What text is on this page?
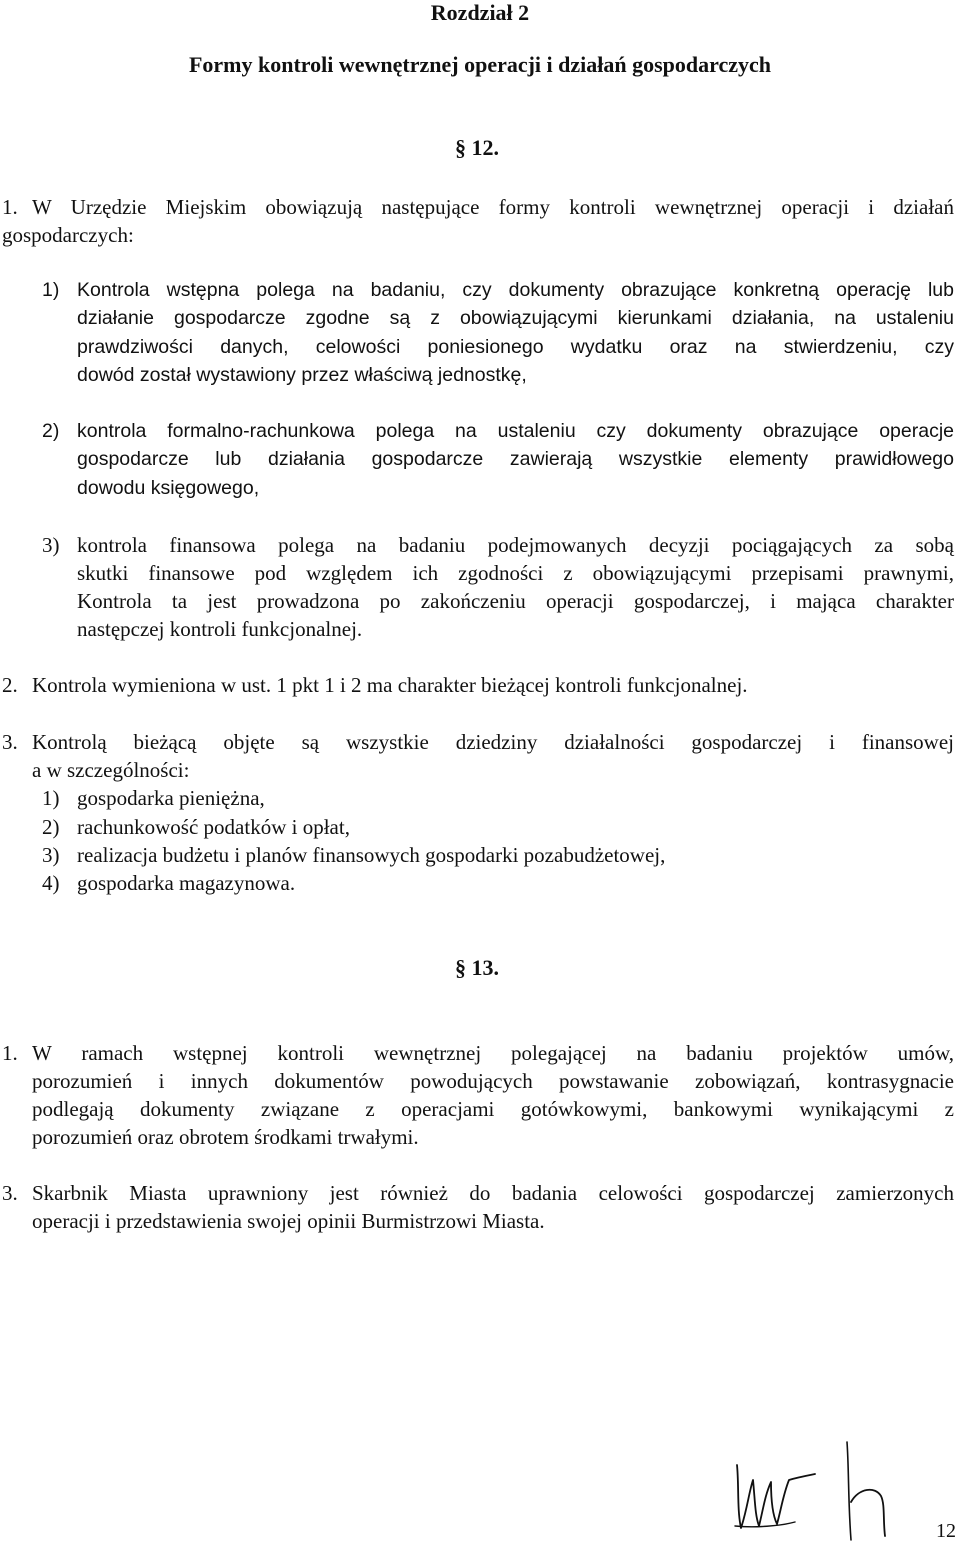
Rozdział 2
Formy kontroli wewnętrznej operacji i działań gospodarczych
§ 12.
1. W Urzędzie Miejskim obowiązują następujące formy kontroli wewnętrznej operacji i działań
gospodarczych:
1) Kontrola wstępna polega na badaniu, czy dokumenty obrazujące konkretną operację lub
działanie gospodarcze zgodne są z obowiązującymi kierunkami działania, na ustaleniu
prawdziwości danych, celowości poniesionego wydatku oraz na stwierdzeniu, czy
dowód został wystawiony przez właściwą jednostkę,
2) kontrola formalno-rachunkowa polega na ustaleniu czy dokumenty obrazujące operacje
gospodarcze lub działania gospodarcze zawierają wszystkie elementy prawidłowego
dowodu księgowego,
3) kontrola finansowa polega na badaniu podejmowanych decyzji pociągających za sobą
skutki finansowe pod względem ich zgodności z obowiązującymi przepisami prawnymi,
Kontrola ta jest prowadzona po zakończeniu operacji gospodarczej, i mająca charakter
następczej kontroli funkcjonalnej.
2. Kontrola wymieniona w ust. 1 pkt 1 i 2 ma charakter bieżącej kontroli funkcjonalnej.
3. Kontrolą bieżącą objęte są wszystkie dziedziny działalności gospodarczej i finansowej
a w szczególności:
1) gospodarka pieniężna,
2) rachunkowość podatków i opłat,
3) realizacja budżetu i planów finansowych gospodarki pozabudżetowej,
4) gospodarka magazynowa.
§ 13.
1. W ramach wstępnej kontroli wewnętrznej polegającej na badaniu projektów umów,
porozumień i innych dokumentów powodujących powstawanie zobowiązań, kontrasygnacie
podlegają dokumenty związane z operacjami gotówkowymi, bankowymi wynikającymi z
porozumień oraz obrotem środkami trwałymi.
3. Skarbnik Miasta uprawniony jest również do badania celowości gospodarczej zamierzonych
operacji i przedstawienia swojej opinii Burmistrzowi Miasta.
12
